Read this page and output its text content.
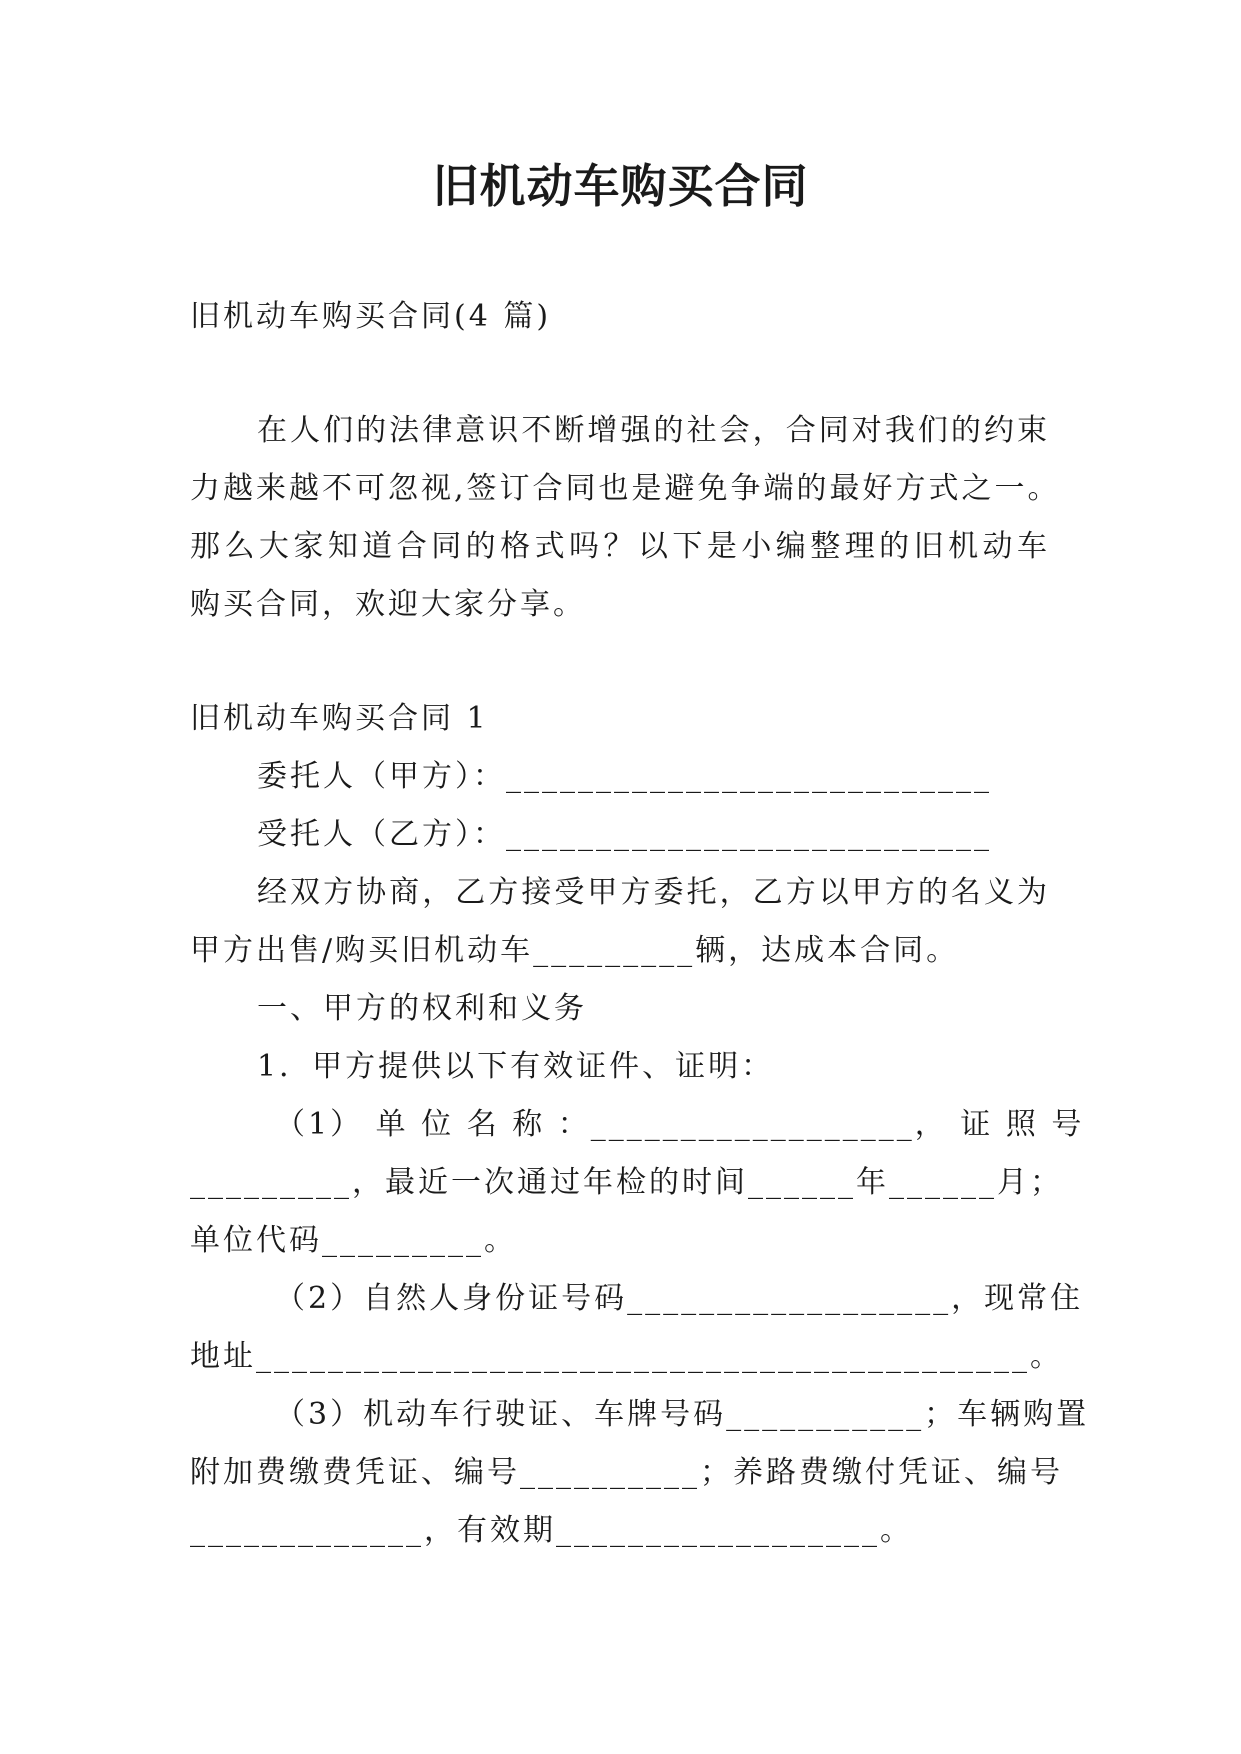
旧机动车购买合同

旧机动车购买合同(4 篇)

在人们的法律意识不断增强的社会，合同对我们的约束

力越来越不可忽视,签订合同也是避免争端的最好方式之一。

那么大家知道合同的格式吗？以下是小编整理的旧机动车

购买合同，欢迎大家分享。

旧机动车购买合同 1

委托人（甲方）：___________________________

受托人（乙方）：___________________________

经双方协商，乙方接受甲方委托，乙方以甲方的名义为

甲方出售/购买旧机动车_________辆，达成本合同。

一、甲方的权利和义务

1．甲方提供以下有效证件、证明：

（1） 单 位 名 称 ：__________________， 证 照 号

_________，最近一次通过年检的时间______年______月；

单位代码_________。

（2）自然人身份证号码__________________，现常住

地址___________________________________________。

（3）机动车行驶证、车牌号码___________；车辆购置

附加费缴费凭证、编号__________；养路费缴付凭证、编号

_____________，有效期__________________。
